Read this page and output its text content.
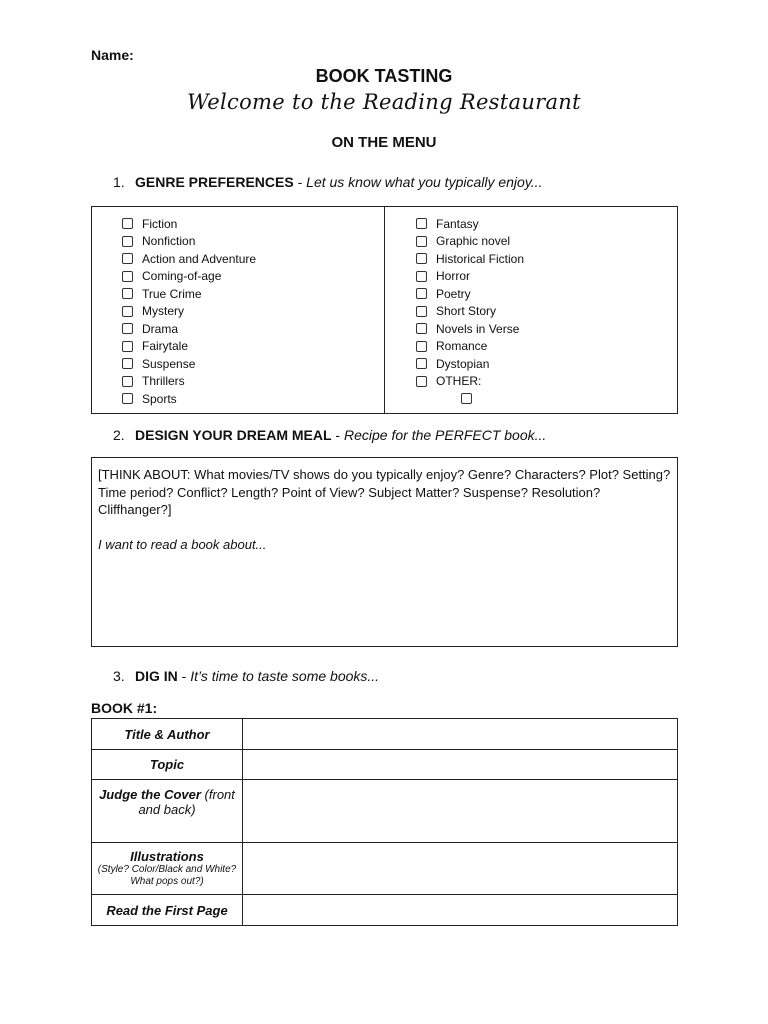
Name:
BOOK TASTING
Welcome to the Reading Restaurant
ON THE MENU
1. GENRE PREFERENCES - Let us know what you typically enjoy...
Fiction
Nonfiction
Action and Adventure
Coming-of-age
True Crime
Mystery
Drama
Fairytale
Suspense
Thrillers
Sports
Fantasy
Graphic novel
Historical Fiction
Horror
Poetry
Short Story
Novels in Verse
Romance
Dystopian
OTHER:
2. DESIGN YOUR DREAM MEAL - Recipe for the PERFECT book...

[THINK ABOUT: What movies/TV shows do you typically enjoy? Genre? Characters? Plot? Setting? Time period? Conflict? Length? Point of View? Subject Matter? Suspense? Resolution? Cliffhanger?]

I want to read a book about...

3. DIG IN - It’s time to taste some books...
BOOK #1:
Title & Author	
Topic	
Judge the Cover (front and back)	
Illustrations
(Style? Color/Black and White? What pops out?)	

Read the First Page	
